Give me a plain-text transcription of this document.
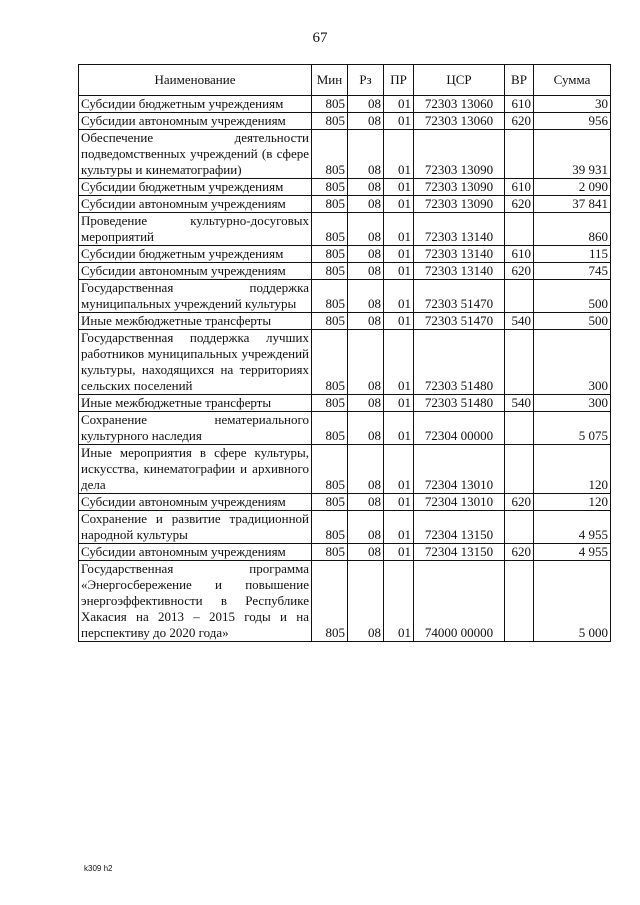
67
Наименование	Мин	Рз	ПР	ЦСР	ВР	Сумма
Субсидии бюджетным учреждениям	805	08	01	72303 13060	610	30
Субсидии автономным учреждениям	805	08	01	72303 13060	620	956
Обеспечение деятельности подведомственных учреждений (в сфере культуры и кинематографии)	805	08	01	72303 13090		39 931
Субсидии бюджетным учреждениям	805	08	01	72303 13090	610	2 090
Субсидии автономным учреждениям	805	08	01	72303 13090	620	37 841
Проведение культурно-досуговых мероприятий	805	08	01	72303 13140		860
Субсидии бюджетным учреждениям	805	08	01	72303 13140	610	115
Субсидии автономным учреждениям	805	08	01	72303 13140	620	745
Государственная поддержка муниципальных учреждений культуры	805	08	01	72303 51470		500
Иные межбюджетные трансферты	805	08	01	72303 51470	540	500
Государственная поддержка лучших работников муниципальных учреждений культуры, находящихся на территориях сельских поселений	805	08	01	72303 51480		300
Иные межбюджетные трансферты	805	08	01	72303 51480	540	300
Сохранение нематериального культурного наследия	805	08	01	72304 00000		5 075
Иные мероприятия в сфере культуры, искусства, кинематографии и архивного дела	805	08	01	72304 13010		120
Субсидии автономным учреждениям	805	08	01	72304 13010	620	120
Сохранение и развитие традиционной народной культуры	805	08	01	72304 13150		4 955
Субсидии автономным учреждениям	805	08	01	72304 13150	620	4 955
Государственная программа «Энергосбережение и повышение энергоэффективности в Республике Хакасия на 2013 – 2015 годы и на перспективу до 2020 года»	805	08	01	74000 00000		5 000
k309 h2
